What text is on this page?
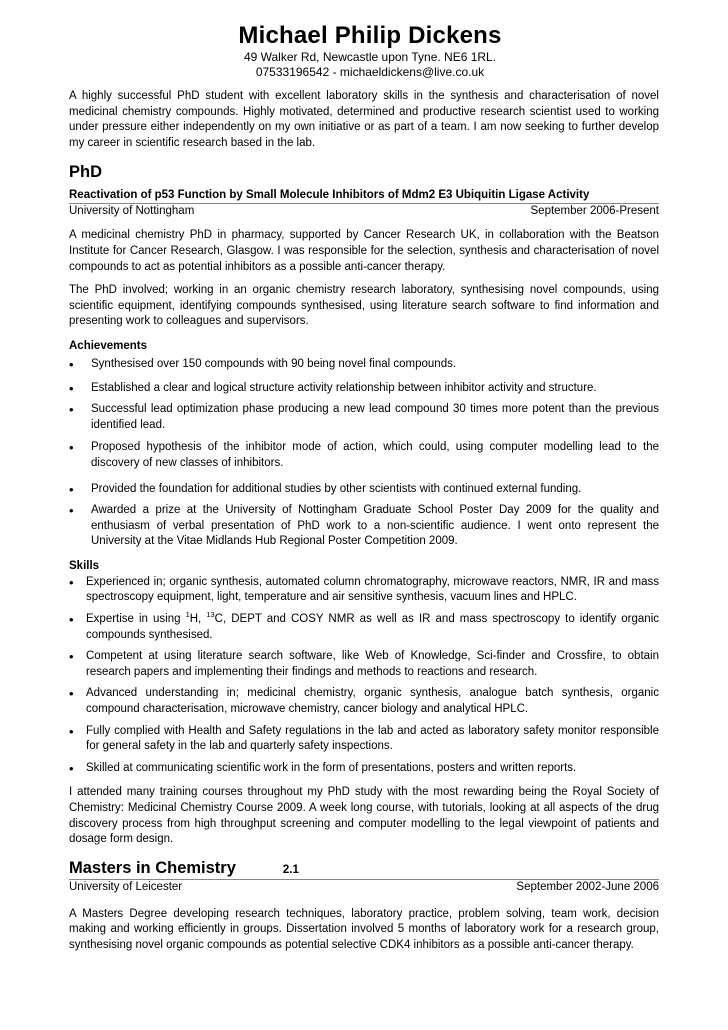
Michael Philip Dickens
49 Walker Rd, Newcastle upon Tyne. NE6 1RL.
07533196542 - michaeldickens@live.co.uk

A highly successful PhD student with excellent laboratory skills in the synthesis and characterisation of novel medicinal chemistry compounds. Highly motivated, determined and productive research scientist used to working under pressure either independently on my own initiative or as part of a team. I am now seeking to further develop my career in scientific research based in the lab.

PhD
Reactivation of p53 Function by Small Molecule Inhibitors of Mdm2 E3 Ubiquitin Ligase Activity
University of Nottingham	September 2006-Present

A medicinal chemistry PhD in pharmacy, supported by Cancer Research UK, in collaboration with the Beatson Institute for Cancer Research, Glasgow. I was responsible for the selection, synthesis and characterisation of novel compounds to act as potential inhibitors as a possible anti-cancer therapy.

The PhD involved; working in an organic chemistry research laboratory, synthesising novel compounds, using scientific equipment, identifying compounds synthesised, using literature search software to find information and presenting work to colleagues and supervisors.

Achievements
•	Synthesised over 150 compounds with 90 being novel final compounds.
•	Established a clear and logical structure activity relationship between inhibitor activity and structure.
•	Successful lead optimization phase producing a new lead compound 30 times more potent than the previous identified lead.
•	Proposed hypothesis of the inhibitor mode of action, which could, using computer modelling lead to the discovery of new classes of inhibitors.
•	Provided the foundation for additional studies by other scientists with continued external funding.
•	Awarded a prize at the University of Nottingham Graduate School Poster Day 2009 for the quality and enthusiasm of verbal presentation of PhD work to a non-scientific audience. I went onto represent the University at the Vitae Midlands Hub Regional Poster Competition 2009.
Skills
•	Experienced in; organic synthesis, automated column chromatography, microwave reactors, NMR, IR and mass spectroscopy equipment, light, temperature and air sensitive synthesis, vacuum lines and HPLC.
•	Expertise in using $^1$H, $^{13}$C, DEPT and COSY NMR as well as IR and mass spectroscopy to identify organic compounds synthesised.
•	Competent at using literature search software, like Web of Knowledge, Sci-finder and Crossfire, to obtain research papers and implementing their findings and methods to reactions and research.
•	Advanced understanding in; medicinal chemistry, organic synthesis, analogue batch synthesis, organic compound characterisation, microwave chemistry, cancer biology and analytical HPLC.
•	Fully complied with Health and Safety regulations in the lab and acted as laboratory safety monitor responsible for general safety in the lab and quarterly safety inspections.
•	Skilled at communicating scientific work in the form of presentations, posters and written reports.

I attended many training courses throughout my PhD study with the most rewarding being the Royal Society of Chemistry: Medicinal Chemistry Course 2009. A week long course, with tutorials, looking at all aspects of the drug discovery process from high throughput screening and computer modelling to the legal viewpoint of patients and dosage form design.

Masters in Chemistry	2.1
University of Leicester	September 2002-June 2006

A Masters Degree developing research techniques, laboratory practice, problem solving, team work, decision making and working efficiently in groups. Dissertation involved 5 months of laboratory work for a research group, synthesising novel organic compounds as potential selective CDK4 inhibitors as a possible anti-cancer therapy.
